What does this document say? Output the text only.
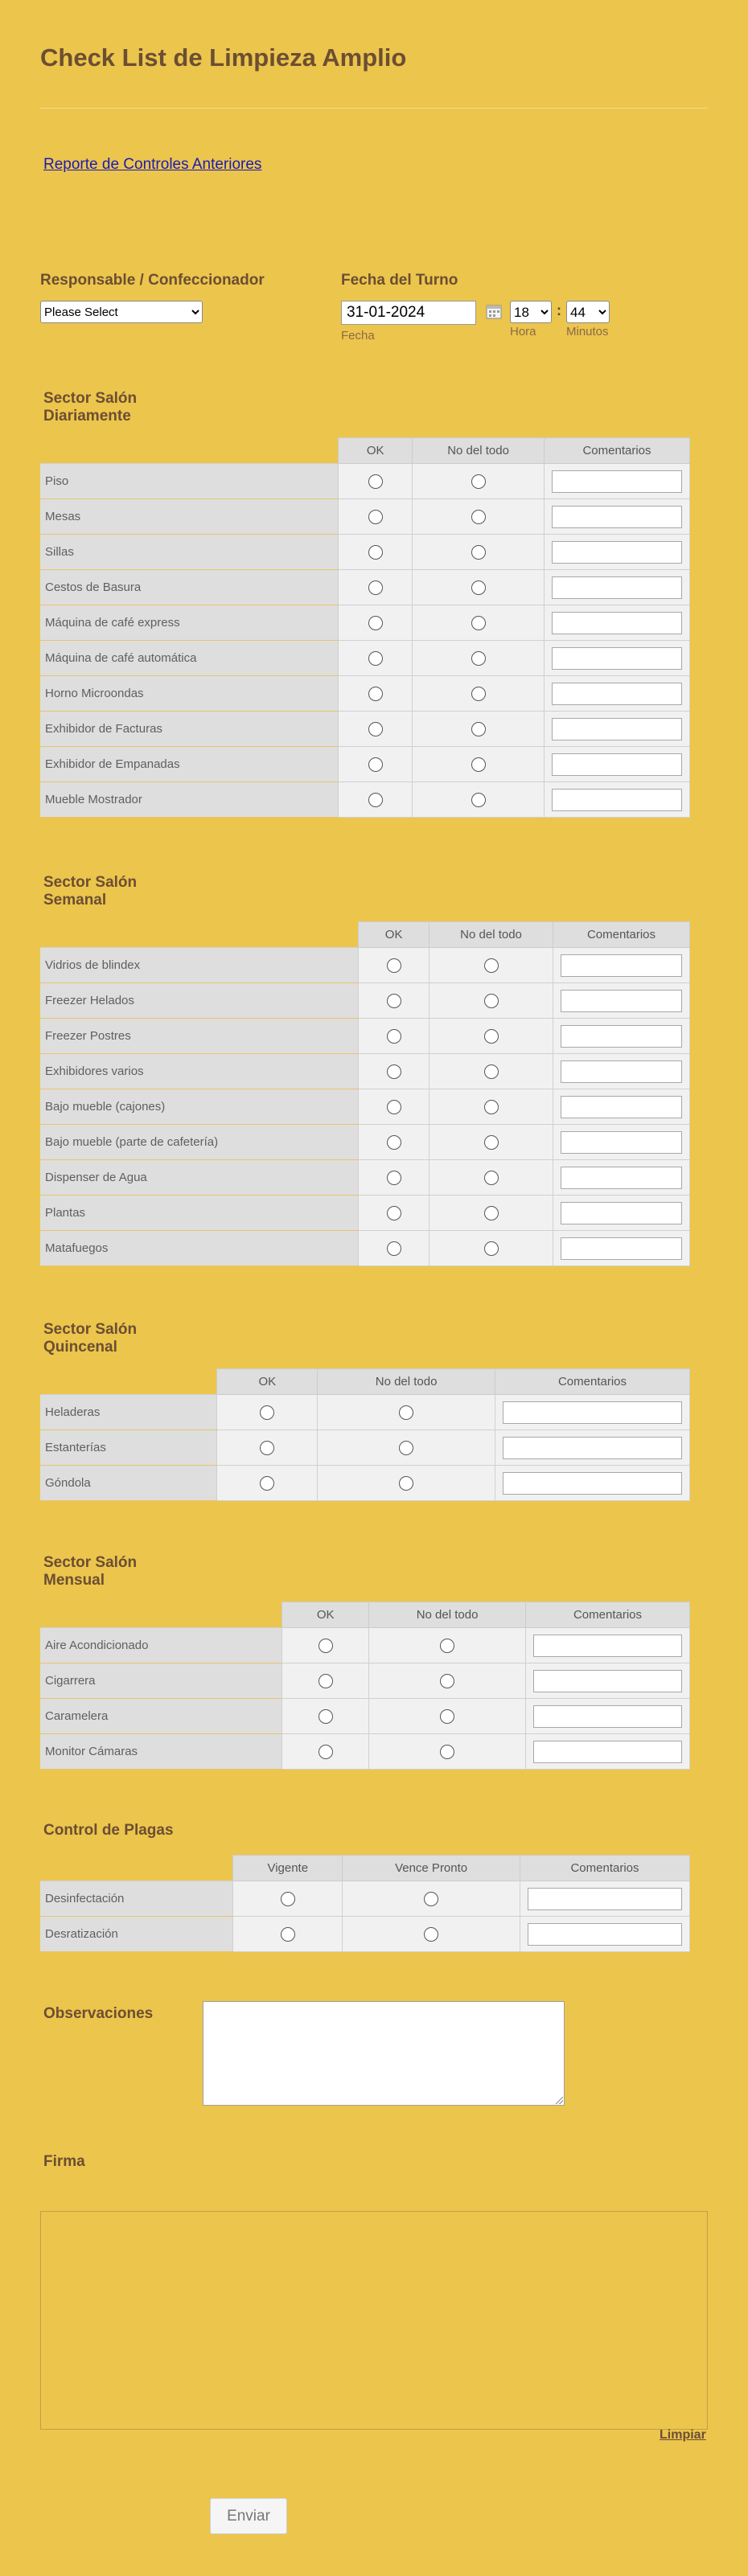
Check List de Limpieza Amplio
Reporte de Controles Anteriores
Responsable / Confeccionador
Please Select	Fecha del Turno
31-01-2024
Fecha
18
:
44
Hora Minutos
Sector Salón
Diariamente
	OK	No del todo	Comentarios
Piso			
Mesas			
Sillas			
Cestos de Basura			
Máquina de café express			
Máquina de café automática			
Horno Microondas			
Exhibidor de Facturas			
Exhibidor de Empanadas			
Mueble Mostrador			
Sector Salón
Semanal
	OK	No del todo	Comentarios
Vidrios de blindex			
Freezer Helados			
Freezer Postres			
Exhibidores varios			
Bajo mueble (cajones)			
Bajo mueble (parte de cafetería)			
Dispenser de Agua			
Plantas			
Matafuegos			
Sector Salón
Quincenal
	OK	No del todo	Comentarios
Heladeras			
Estanterías			
Góndola			
Sector Salón
Mensual
	OK	No del todo	Comentarios
Aire Acondicionado			
Cigarrera			
Caramelera			
Monitor Cámaras			
Control de Plagas
	Vigente	Vence Pronto	Comentarios
Desinfectación			
Desratización			
Observaciones
Firma
Limpiar
Enviar
